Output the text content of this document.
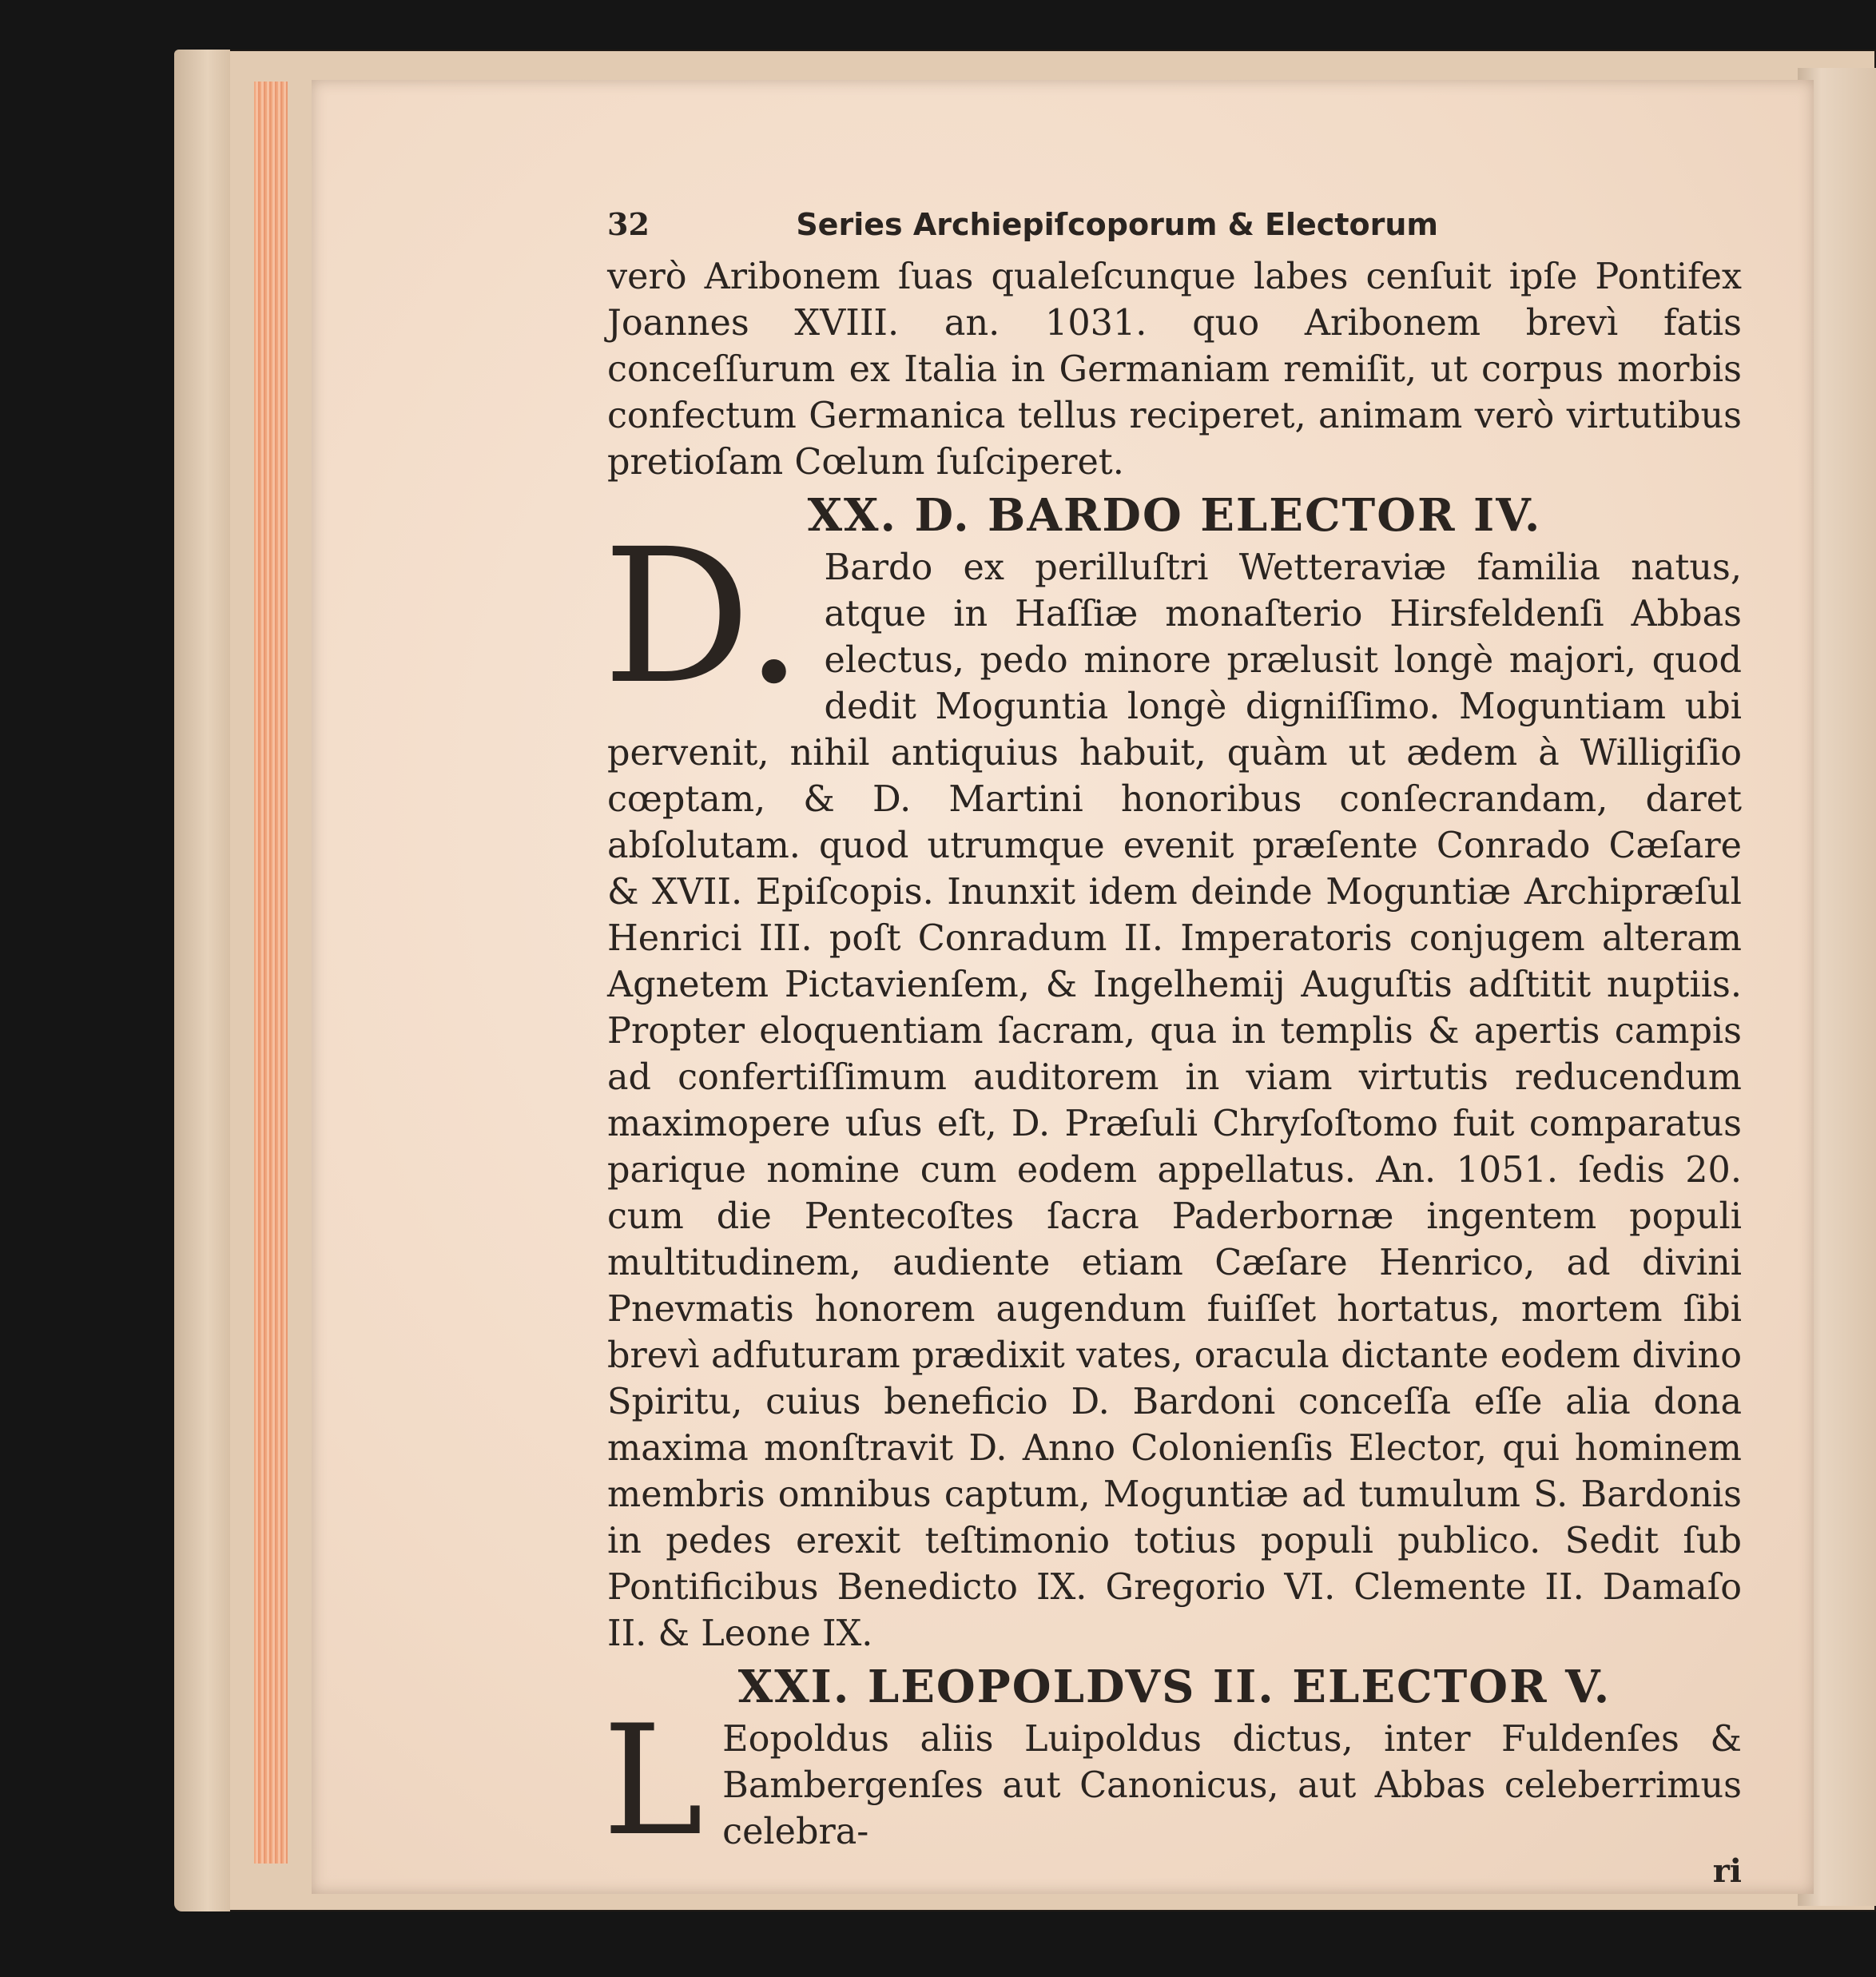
32	Series Archiepiſcoporum & Electorum

verò Aribonem ſuas qualeſcunque labes cenſuit ipſe Pontifex Joannes XVIII. an. 1031. quo Aribonem brevì fatis conceſſurum ex Italia in Germaniam remiſit, ut corpus morbis confectum Germanica tellus reciperet, animam verò virtutibus pretioſam Cœlum ſuſciperet.

XX. D. BARDO ELECTOR IV.
D. Bardo ex perilluſtri Wetteraviæ familia natus, atque in Haſſiæ monaſterio Hirsfeldenſi Abbas electus, pedo minore prælusit longè majori, quod dedit Moguntia longè digniſſimo. Moguntiam ubi pervenit, nihil antiquius habuit, quàm ut ædem à Willigiſio cœptam, & D. Martini honoribus conſecrandam, daret abſolutam. quod utrumque evenit præſente Conrado Cæſare & XVII. Epiſcopis. Inunxit idem deinde Moguntiæ Archipræſul Henrici III. poſt Conradum II. Imperatoris conjugem alteram Agnetem Pictavienſem, & Ingelhemij Auguſtis adſtitit nuptiis. Propter eloquentiam ſacram, qua in templis & apertis campis ad confertiſſimum auditorem in viam virtutis reducendum maximopere uſus eſt, D. Præſuli Chryſoſtomo fuit comparatus parique nomine cum eodem appellatus. An. 1051. ſedis 20. cum die Pentecoſtes ſacra Paderbornæ ingentem populi multitudinem, audiente etiam Cæſare Henrico, ad divini Pnevmatis honorem augendum fuiſſet hortatus, mortem ſibi brevì adfuturam prædixit vates, oracula dictante eodem divino Spiritu, cuius beneficio D. Bardoni conceſſa eſſe alia dona maxima monſtravit D. Anno Colonienſis Elector, qui hominem membris omnibus captum, Moguntiæ ad tumulum S. Bardonis in pedes erexit teſtimonio totius populi publico. Sedit ſub Pontificibus Benedicto IX. Gregorio VI. Clemente II. Damaſo II. & Leone IX.

XXI. LEOPOLDVS II. ELECTOR V.
L Eopoldus aliis Luipoldus dictus, inter Fuldenſes & Bambergenſes aut Canonicus, aut Abbas celeberrimus celebra-

ri
